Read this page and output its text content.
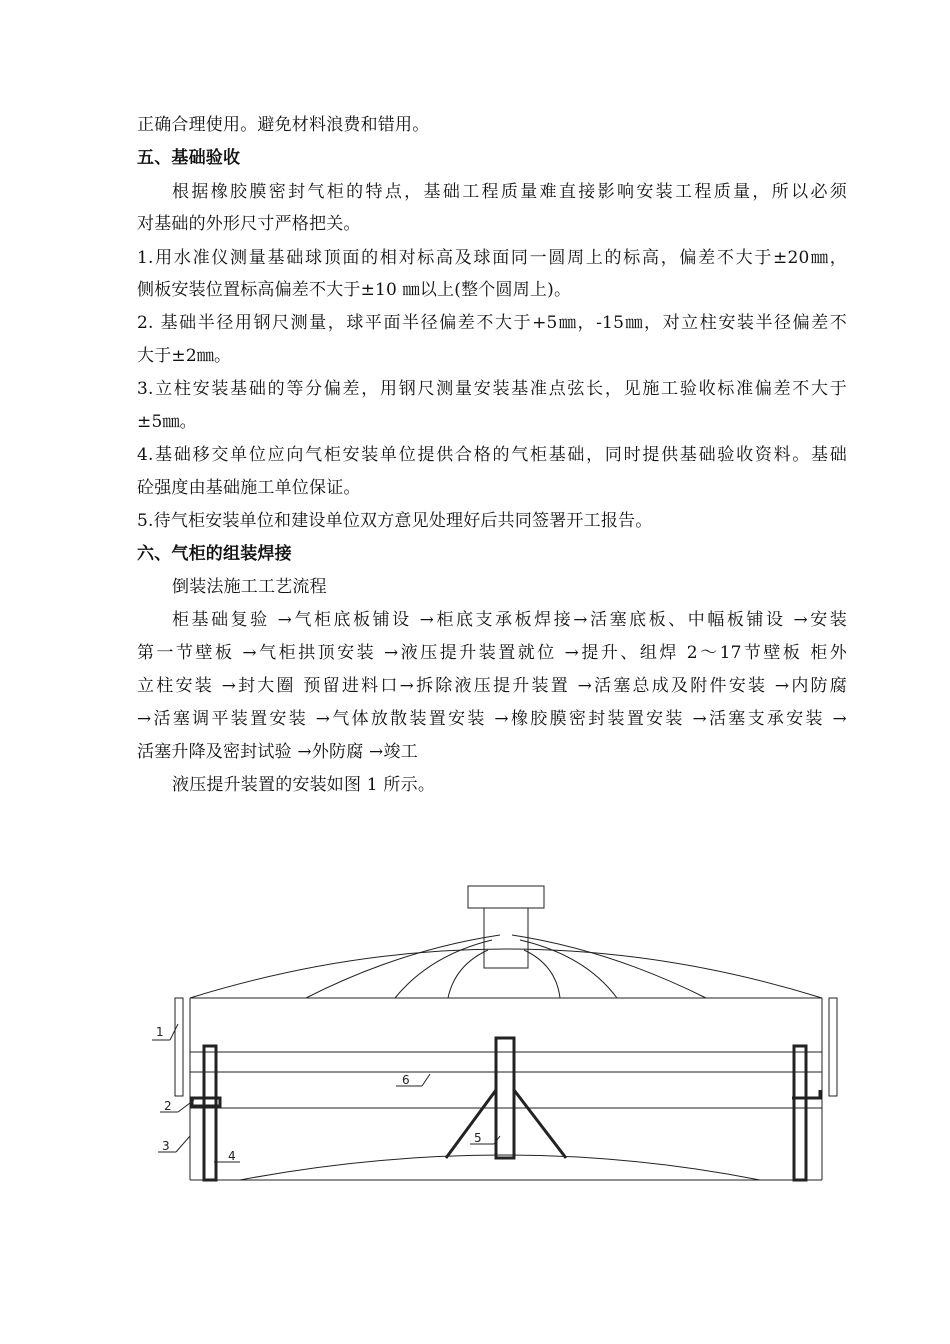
正确合理使用。避免材料浪费和错用。
五、基础验收
根据橡胶膜密封气柜的特点，基础工程质量难直接影响安装工程质量，所以必须
对基础的外形尺寸严格把关。
1.用水准仪测量基础球顶面的相对标高及球面同一圆周上的标高，偏差不大于±20㎜，
侧板安装位置标高偏差不大于±10 ㎜以上(整个圆周上)。
2. 基础半径用钢尺测量，球平面半径偏差不大于+5㎜，-15㎜，对立柱安装半径偏差不
大于±2㎜。
3.立柱安装基础的等分偏差，用钢尺测量安装基准点弦长，见施工验收标准偏差不大于
±5㎜。
4.基础移交单位应向气柜安装单位提供合格的气柜基础，同时提供基础验收资料。基础
砼强度由基础施工单位保证。
5.待气柜安装单位和建设单位双方意见处理好后共同签署开工报告。
六、气柜的组装焊接
倒装法施工工艺流程
柜基础复验 →气柜底板铺设 →柜底支承板焊接→活塞底板、中幅板铺设 →安装
第一节壁板 →气柜拱顶安装 →液压提升装置就位 →提升、组焊 2～17节壁板 柜外
立柱安装 →封大圈 预留进料口→拆除液压提升装置 →活塞总成及附件安装 →内防腐
→活塞调平装置安装 →气体放散装置安装 →橡胶膜密封装置安装 →活塞支承安装 →
活塞升降及密封试验 →外防腐 →竣工
液压提升装置的安装如图 1 所示。
1
2
3
4
5
6
